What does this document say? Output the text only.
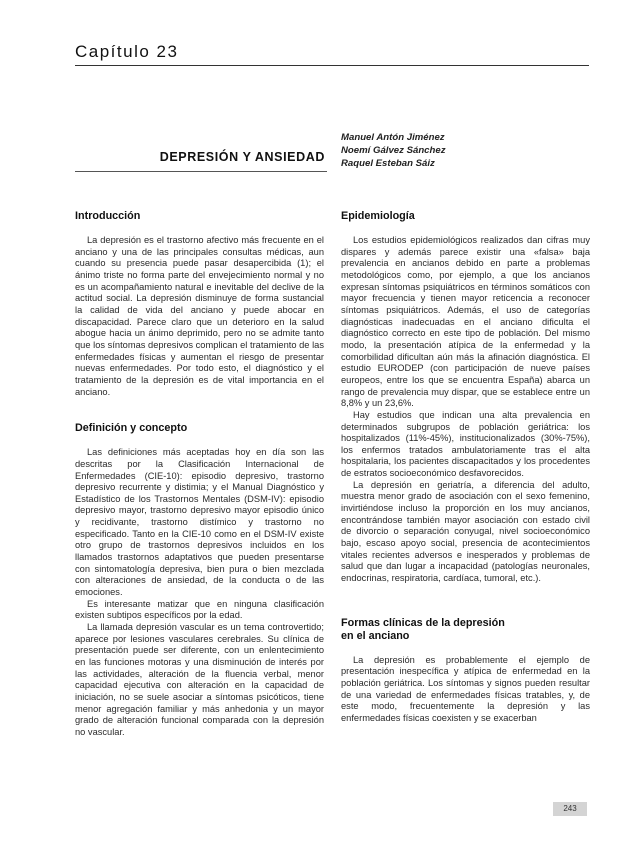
Capítulo 23
DEPRESIÓN Y ANSIEDAD
Manuel Antón Jiménez
Noemí Gálvez Sánchez
Raquel Esteban Sáiz
Introducción

La depresión es el trastorno afectivo más frecuente en el anciano y una de las principales consultas médicas, aun cuando su presencia puede pasar desapercibida (1); el ánimo triste no forma parte del envejecimiento normal y no es un acompañamiento natural e inevitable del declive de la actitud social. La depresión disminuye de forma sustancial la calidad de vida del anciano y puede abocar en discapacidad. Parece claro que un deterioro en la salud abogue hacia un ánimo deprimido, pero no se admite tanto que los síntomas depresivos complican el tratamiento de las enfermedades físicas y aumentan el riesgo de presentar nuevas enfermedades. Por todo esto, el diagnóstico y el tratamiento de la depresión es de vital importancia en el anciano.

Definición y concepto

Las definiciones más aceptadas hoy en día son las descritas por la Clasificación Internacional de Enfermedades (CIE-10): episodio depresivo, trastorno depresivo recurrente y distimia; y el Manual Diagnóstico y Estadístico de los Trastornos Mentales (DSM-IV): episodio depresivo mayor, trastorno depresivo mayor episodio único y recidivante, trastorno distímico y trastorno no especificado. Tanto en la CIE-10 como en el DSM-IV existe otro grupo de trastornos depresivos incluidos en los llamados trastornos adaptativos que pueden presentarse con sintomatología depresiva, bien pura o bien mezclada con alteraciones de ansiedad, de la conducta o de las emociones.

Es interesante matizar que en ninguna clasificación existen subtipos específicos por la edad.

La llamada depresión vascular es un tema controvertido; aparece por lesiones vasculares cerebrales. Su clínica de presentación puede ser diferente, con un enlentecimiento en las funciones motoras y una disminución de interés por las actividades, alteración de la fluencia verbal, menor capacidad ejecutiva con alteración en la capacidad de iniciación, no se suele asociar a síntomas psicóticos, tiene menor agregación familiar y más anhedonia y un mayor grado de alteración funcional comparada con la depresión no vascular.

Epidemiología

Los estudios epidemiológicos realizados dan cifras muy dispares y además parece existir una «falsa» baja prevalencia en ancianos debido en parte a problemas metodológicos como, por ejemplo, a que los ancianos expresan síntomas psiquiátricos en términos somáticos con mayor frecuencia y tienen mayor reticencia a reconocer síntomas psiquiátricos. Además, el uso de categorías diagnósticas inadecuadas en el anciano dificulta el diagnóstico correcto en este tipo de población. Del mismo modo, la presentación atípica de la enfermedad y la comorbilidad dificultan aún más la afinación diagnóstica. El estudio EURODEP (con participación de nueve países europeos, entre los que se encuentra España) abarca un rango de prevalencia muy dispar, que se establece entre un 8,8% y un 23,6%.

Hay estudios que indican una alta prevalencia en determinados subgrupos de población geriátrica: los hospitalizados (11%-45%), institucionalizados (30%-75%), los enfermos tratados ambulatoriamente tras el alta hospitalaria, los pacientes discapacitados y los procedentes de estratos socioeconómico desfavorecidos.

La depresión en geriatría, a diferencia del adulto, muestra menor grado de asociación con el sexo femenino, invirtiéndose incluso la proporción en los muy ancianos, encontrándose también mayor asociación con estado civil de divorcio o separación conyugal, nivel socioeconómico bajo, escaso apoyo social, presencia de acontecimientos vitales recientes adversos e inesperados y problemas de salud que dan lugar a incapacidad (patologías neuronales, endocrinas, respiratoria, cardíaca, tumoral, etc.).

Formas clínicas de la depresión
en el anciano

La depresión es probablemente el ejemplo de presentación inespecífica y atípica de enfermedad en la población geriátrica. Los síntomas y signos pueden resultar de una variedad de enfermedades físicas tratables, y, de este modo, frecuentemente la depresión y las enfermedades físicas coexisten y se exacerban

243
